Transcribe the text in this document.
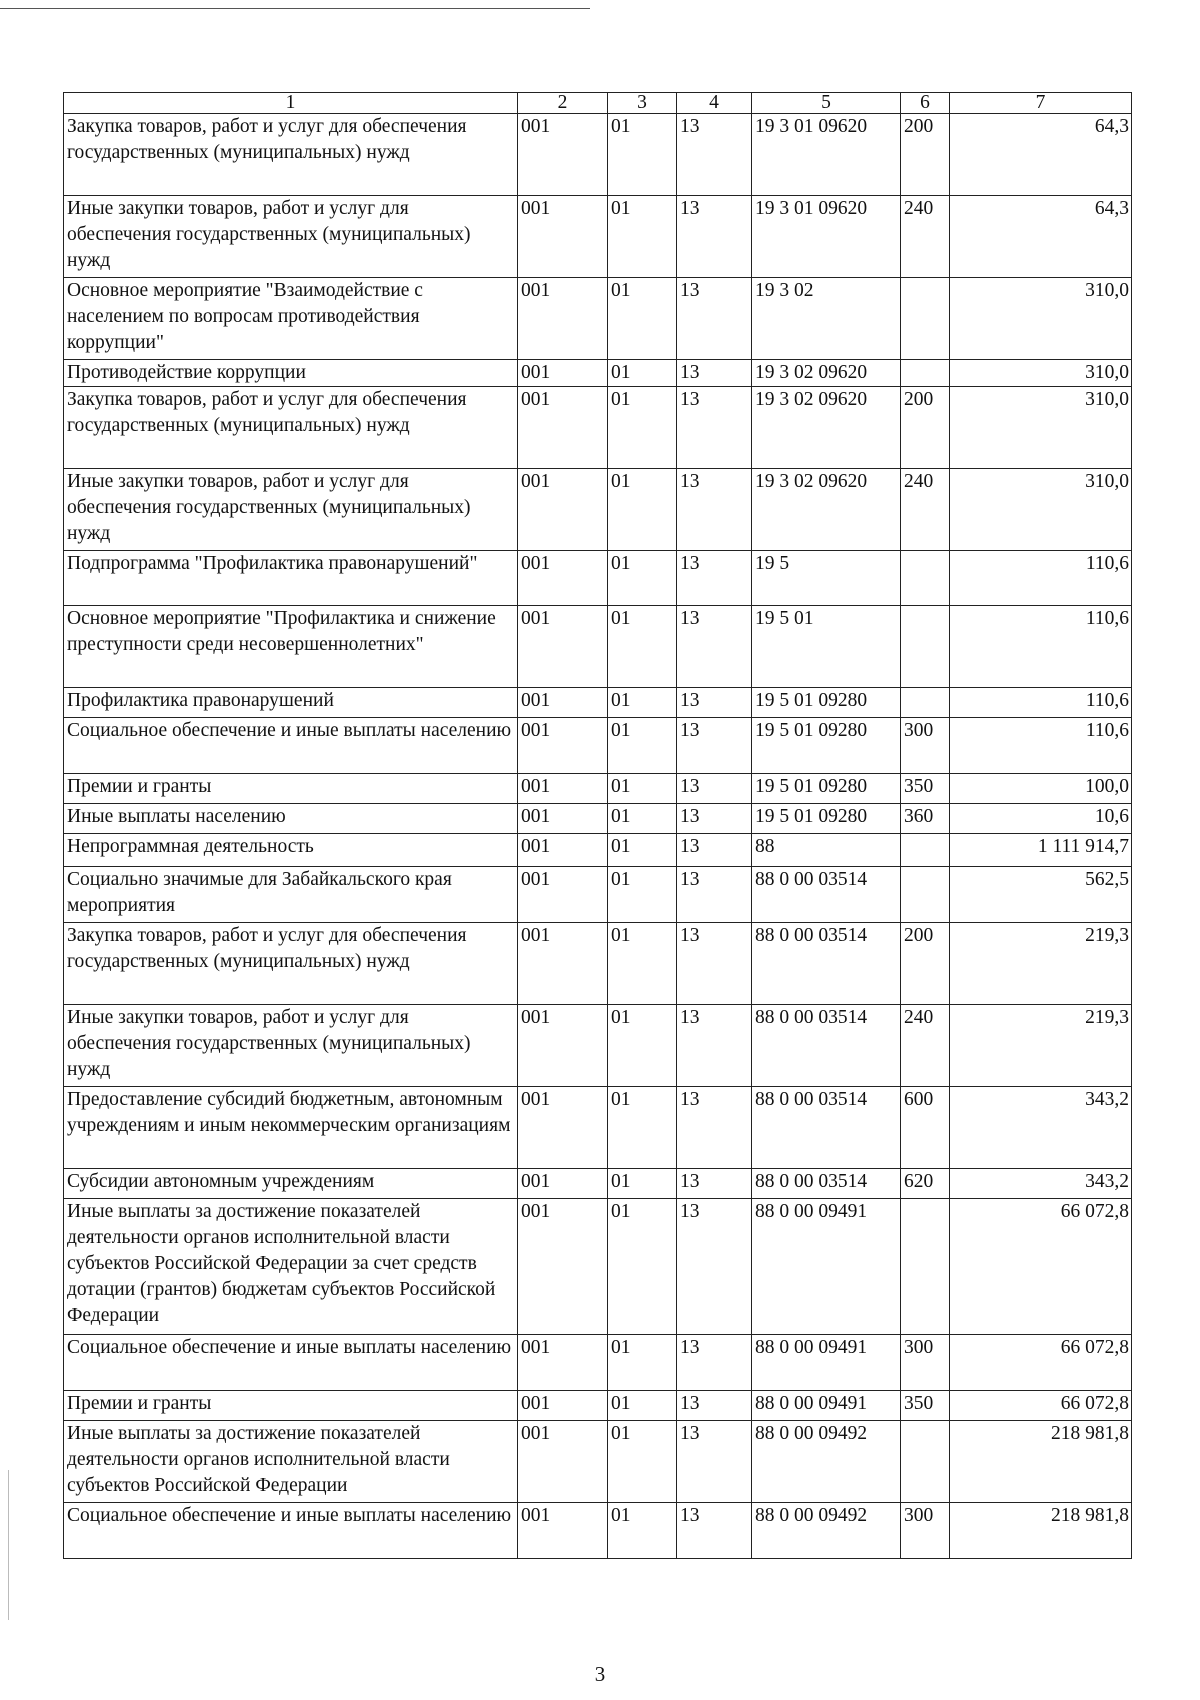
1	2	3	4	5	6	7
Закупка товаров, работ и услуг для обеспечения государственных (муниципальных) нужд	001	01	13	19 3 01 09620	200	64,3
Иные закупки товаров, работ и услуг для обеспечения государственных (муниципальных) нужд	001	01	13	19 3 01 09620	240	64,3
Основное мероприятие "Взаимодействие с населением по вопросам противодействия коррупции"	001	01	13	19 3 02		310,0
Противодействие коррупции	001	01	13	19 3 02 09620		310,0
Закупка товаров, работ и услуг для обеспечения государственных (муниципальных) нужд	001	01	13	19 3 02 09620	200	310,0
Иные закупки товаров, работ и услуг для обеспечения государственных (муниципальных) нужд	001	01	13	19 3 02 09620	240	310,0
Подпрограмма "Профилактика правонарушений"	001	01	13	19 5		110,6
Основное мероприятие "Профилактика и снижение преступности среди несовершеннолетних"	001	01	13	19 5 01		110,6
Профилактика правонарушений	001	01	13	19 5 01 09280		110,6
Социальное обеспечение и иные выплаты населению	001	01	13	19 5 01 09280	300	110,6
Премии и гранты	001	01	13	19 5 01 09280	350	100,0
Иные выплаты населению	001	01	13	19 5 01 09280	360	10,6
Непрограммная деятельность	001	01	13	88		1 111 914,7
Социально значимые для Забайкальского края мероприятия	001	01	13	88 0 00 03514		562,5
Закупка товаров, работ и услуг для обеспечения государственных (муниципальных) нужд	001	01	13	88 0 00 03514	200	219,3
Иные закупки товаров, работ и услуг для обеспечения государственных (муниципальных) нужд	001	01	13	88 0 00 03514	240	219,3
Предоставление субсидий бюджетным, автономным учреждениям и иным некоммерческим организациям	001	01	13	88 0 00 03514	600	343,2
Субсидии автономным учреждениям	001	01	13	88 0 00 03514	620	343,2
Иные выплаты за достижение показателей деятельности органов исполнительной власти субъектов Российской Федерации за счет средств дотации (грантов) бюджетам субъектов Российской Федерации	001	01	13	88 0 00 09491		66 072,8
Социальное обеспечение и иные выплаты населению	001	01	13	88 0 00 09491	300	66 072,8
Премии и гранты	001	01	13	88 0 00 09491	350	66 072,8
Иные выплаты за достижение показателей деятельности органов исполнительной власти субъектов Российской Федерации	001	01	13	88 0 00 09492		218 981,8
Социальное обеспечение и иные выплаты населению	001	01	13	88 0 00 09492	300	218 981,8
3
